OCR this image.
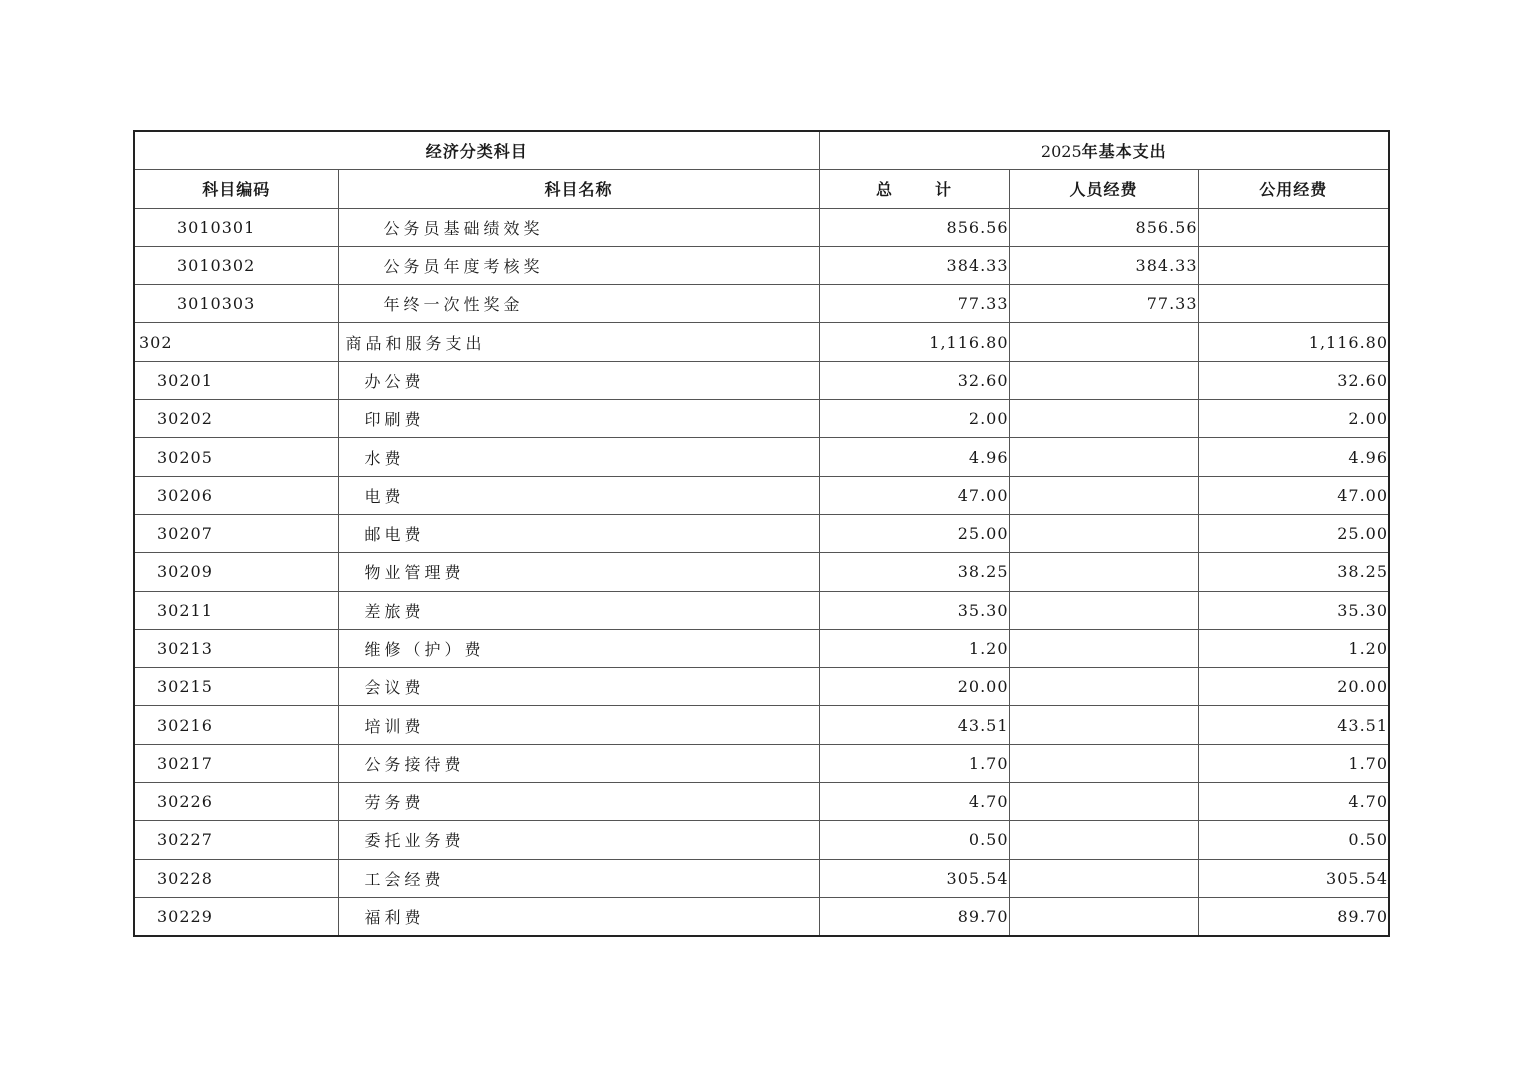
经济分类科目		2025年基本支出		
科目编码	科目名称	总 计	人员经费	公用经费
3010301	公务员基础绩效奖	856.56	856.56	
3010302	公务员年度考核奖	384.33	384.33	
3010303	年终一次性奖金	77.33	77.33	
302	商品和服务支出	1,116.80		1,116.80
30201	办公费	32.60		32.60
30202	印刷费	2.00		2.00
30205	水费	4.96		4.96
30206	电费	47.00		47.00
30207	邮电费	25.00		25.00
30209	物业管理费	38.25		38.25
30211	差旅费	35.30		35.30
30213	维修（护）费	1.20		1.20
30215	会议费	20.00		20.00
30216	培训费	43.51		43.51
30217	公务接待费	1.70		1.70
30226	劳务费	4.70		4.70
30227	委托业务费	0.50		0.50
30228	工会经费	305.54		305.54
30229	福利费	89.70		89.70
